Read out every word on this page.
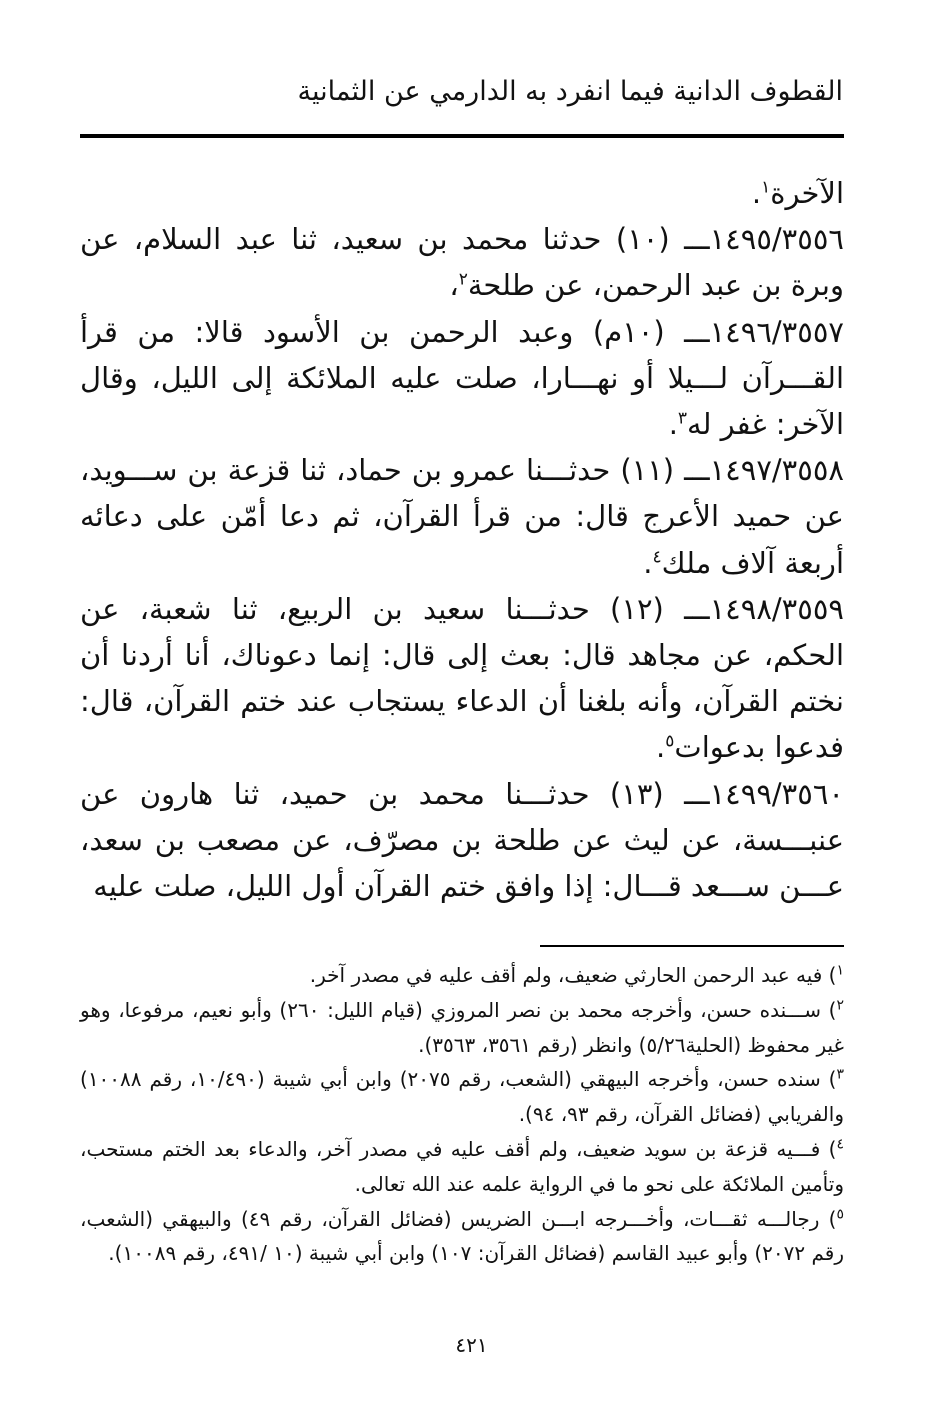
القطوف الدانية فيما انفرد به الدارمي عن الثمانية

الآخرة$^١$.

١٤٩٥/٣٥٥٦ـــ (١٠) حدثنا محمد بن سعيد، ثنا عبد السلام، عن وبرة بن عبد الرحمن، عن طلحة$^٢$،

١٤٩٦/٣٥٥٧ـــ (١٠م) وعبد الرحمن بن الأسود قالا: من قرأ القـــرآن لـــيلا أو نهـــارا، صلت عليه الملائكة إلى الليل، وقال الآخر: غفر له$^٣$.

١٤٩٧/٣٥٥٨ـــ (١١) حدثـــنا عمرو بن حماد، ثنا قزعة بن ســـويد، عن حميد الأعرج قال: من قرأ القرآن، ثم دعا أمّن على دعائه أربعة آلاف ملك$^٤$.

١٤٩٨/٣٥٥٩ـــ (١٢) حدثـــنا سعيد بن الربيع، ثنا شعبة، عن الحكم، عن مجاهد قال: بعث إلى قال: إنما دعوناك، أنا أردنا أن نختم القرآن، وأنه بلغنا أن الدعاء يستجاب عند ختم القرآن، قال: فدعوا بدعوات$^٥$.

١٤٩٩/٣٥٦٠ـــ (١٣) حدثـــنا محمد بن حميد، ثنا هارون عن عنبـــسة، عن ليث عن طلحة بن مصرّف، عن مصعب بن سعد، عـــن ســـعد قـــال: إذا وافق ختم القرآن أول الليل، صلت عليه

$^١$) فيه عبد الرحمن الحارثي ضعيف، ولم أقف عليه في مصدر آخر.

$^٢$) ســـنده حسن، وأخرجه محمد بن نصر المروزي (قيام الليل: ٢٦٠) وأبو نعيم، مرفوعا، وهو غير محفوظ (الحلية٥/٢٦) وانظر (رقم ٣٥٦١، ٣٥٦٣).

$^٣$) سنده حسن، وأخرجه البيهقي (الشعب، رقم ٢٠٧٥) وابن أبي شيبة (١٠/٤٩٠، رقم ١٠٠٨٨) والفريابي (فضائل القرآن، رقم ٩٣، ٩٤).

$^٤$) فـــيه قزعة بن سويد ضعيف، ولم أقف عليه في مصدر آخر، والدعاء بعد الختم مستحب، وتأمين الملائكة على نحو ما في الرواية علمه عند الله تعالى.

$^٥$) رجالـــه ثقـــات، وأخـــرجه ابـــن الضريس (فضائل القرآن، رقم ٤٩) والبيهقي (الشعب، رقم ٢٠٧٢) وأبو عبيد القاسم (فضائل القرآن: ١٠٧) وابن أبي شيبة (١٠ /٤٩١، رقم ١٠٠٨٩).

٤٢١
